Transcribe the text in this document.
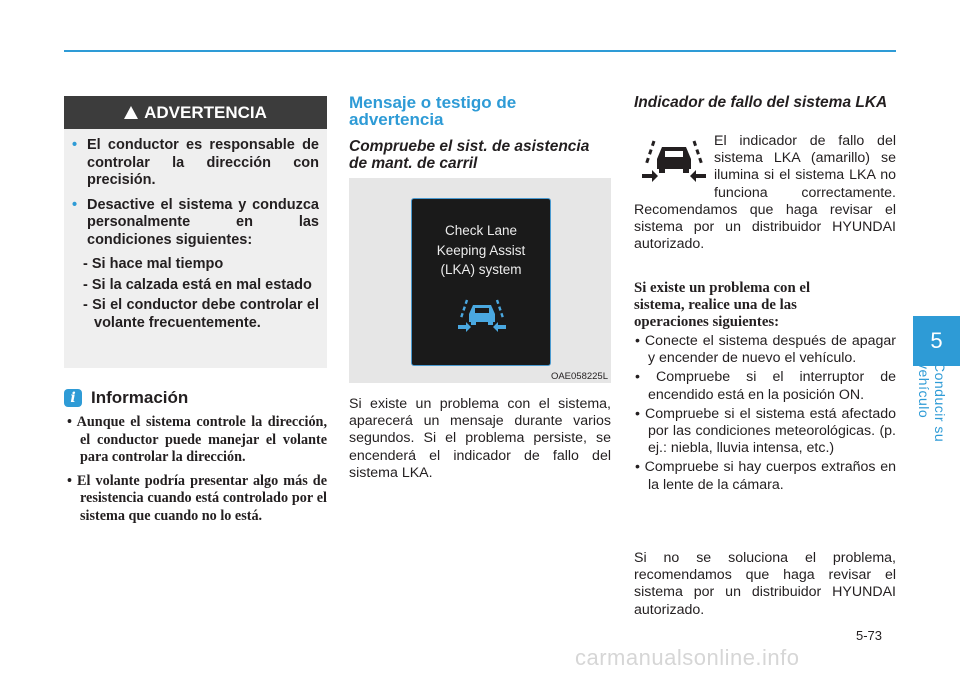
ADVERTENCIA
• El conductor es responsable de controlar la dirección con precisión.
• Desactive el sistema y conduzca personalmente en las condiciones siguientes:
- Si hace mal tiempo
- Si la calzada está en mal estado
- Si el conductor debe controlar el volante frecuentemente.
i Información
• Aunque el sistema controle la dirección, el conductor puede manejar el volante para controlar la dirección.
• El volante podría presentar algo más de resistencia cuando está controlado por el sistema que cuando no lo está.
Mensaje o testigo de advertencia
Compruebe el sist. de asistencia de mant. de carril
Check Lane
Keeping Assist
(LKA) system
OAE058225L
Si existe un problema con el sistema, aparecerá un mensaje durante varios segundos. Si el problema persiste, se encenderá el indicador de fallo del sistema LKA.
Indicador de fallo del sistema LKA
El indicador de fallo del sistema LKA (amarillo) se ilumina si el sistema LKA no funciona correctamente. Recomendamos que haga revisar el sistema por un distribuidor HYUNDAI autorizado.
Si existe un problema con el sistema, realice una de las operaciones siguientes:
• Conecte el sistema después de apagar y encender de nuevo el vehículo.
• Compruebe si el interruptor de encendido está en la posición ON.
• Compruebe si el sistema está afectado por las condiciones meteorológicas. (p. ej.: niebla, lluvia intensa, etc.)
• Compruebe si hay cuerpos extraños en la lente de la cámara.
Si no se soluciona el problema, recomendamos que haga revisar el sistema por un distribuidor HYUNDAI autorizado.
5
Conducir su vehículo
5-73
carmanualsonline.info
